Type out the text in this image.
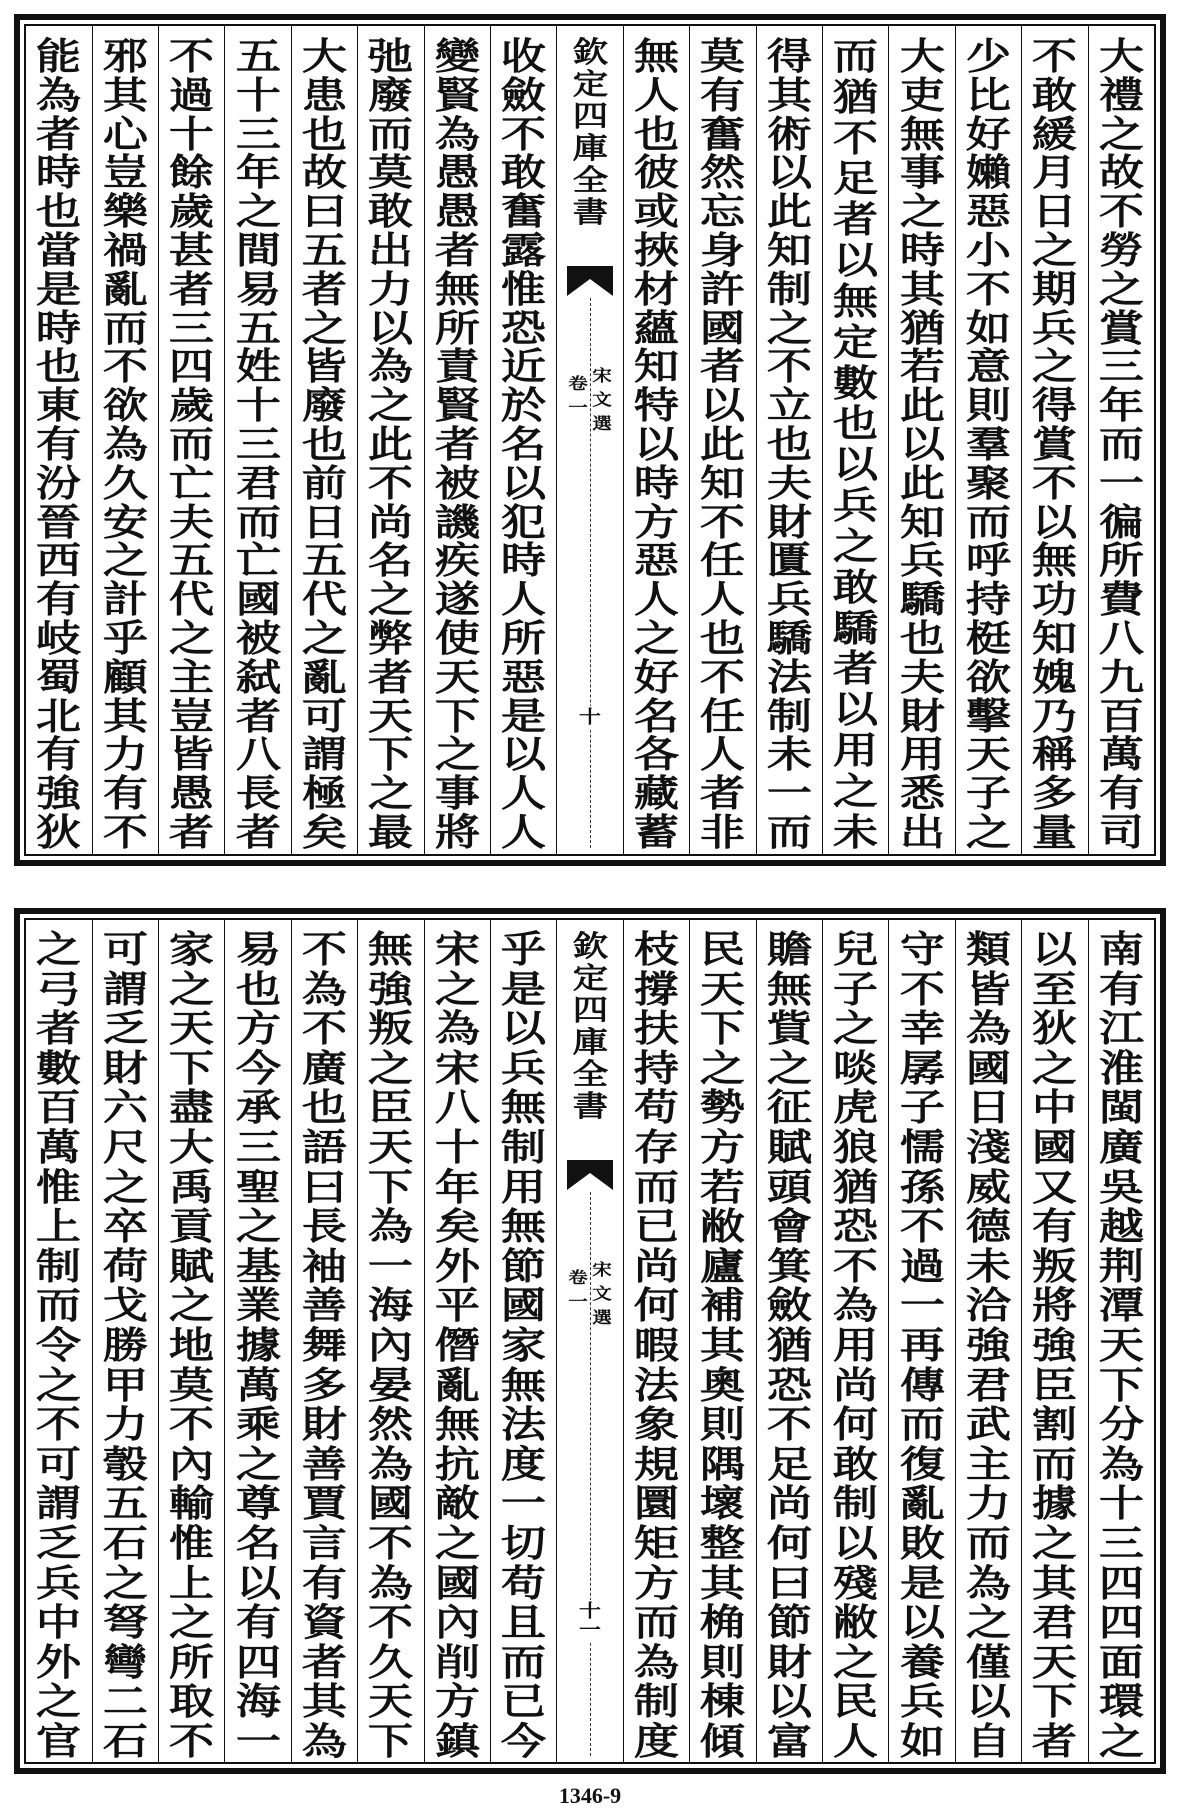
大
禮
之
故
不
勞
之
賞
三
年
而
一
徧
所
費
八
九
百
萬
有
司
不
敢
緩
月
日
之
期
兵
之
得
賞
不
以
無
功
知
媿
乃
稱
多
量
少
比
好
嬾
惡
小
不
如
意
則
羣
聚
而
呼
持
梃
欲
擊
天
子
之
大
吏
無
事
之
時
其
猶
若
此
以
此
知
兵
驕
也
夫
財
用
悉
出
而
猶
不
足
者
以
無
定
數
也
以
兵
之
敢
驕
者
以
用
之
未
得
其
術
以
此
知
制
之
不
立
也
夫
財
匱
兵
驕
法
制
未
一
而
莫
有
奮
然
忘
身
許
國
者
以
此
知
不
任
人
也
不
任
人
者
非
無
人
也
彼
或
挾
材
蘊
知
特
以
時
方
惡
人
之
好
名
各
藏
蓄
欽
定
四
庫
全
書
宋
文
選
卷
一
十
收
斂
不
敢
奮
露
惟
恐
近
於
名
以
犯
時
人
所
惡
是
以
人
人
變
賢
為
愚
愚
者
無
所
責
賢
者
被
譏
疾
遂
使
天
下
之
事
將
弛
廢
而
莫
敢
出
力
以
為
之
此
不
尚
名
之
弊
者
天
下
之
最
大
患
也
故
曰
五
者
之
皆
廢
也
前
日
五
代
之
亂
可
謂
極
矣
五
十
三
年
之
間
易
五
姓
十
三
君
而
亡
國
被
弑
者
八
長
者
不
過
十
餘
歲
甚
者
三
四
歲
而
亡
夫
五
代
之
主
豈
皆
愚
者
邪
其
心
豈
樂
禍
亂
而
不
欲
為
久
安
之
計
乎
顧
其
力
有
不
能
為
者
時
也
當
是
時
也
東
有
汾
晉
西
有
岐
蜀
北
有
強
狄
南
有
江
淮
閩
廣
吳
越
荆
潭
天
下
分
為
十
三
四
四
面
環
之
以
至
狄
之
中
國
又
有
叛
將
強
臣
割
而
據
之
其
君
天
下
者
類
皆
為
國
日
淺
威
德
未
洽
強
君
武
主
力
而
為
之
僅
以
自
守
不
幸
孱
子
懦
孫
不
過
一
再
傳
而
復
亂
敗
是
以
養
兵
如
兒
子
之
啖
虎
狼
猶
恐
不
為
用
尚
何
敢
制
以
殘
敝
之
民
人
贍
無
貲
之
征
賦
頭
會
箕
斂
猶
恐
不
足
尚
何
曰
節
財
以
富
民
天
下
之
勢
方
若
敝
廬
補
其
奧
則
隅
壞
整
其
桷
則
棟
傾
枝
撐
扶
持
苟
存
而
已
尚
何
暇
法
象
規
圜
矩
方
而
為
制
度
欽
定
四
庫
全
書
宋
文
選
卷
一
十
一
乎
是
以
兵
無
制
用
無
節
國
家
無
法
度
一
切
苟
且
而
已
今
宋
之
為
宋
八
十
年
矣
外
平
僭
亂
無
抗
敵
之
國
內
削
方
鎮
無
強
叛
之
臣
天
下
為
一
海
內
晏
然
為
國
不
為
不
久
天
下
不
為
不
廣
也
語
曰
長
袖
善
舞
多
財
善
賈
言
有
資
者
其
為
易
也
方
今
承
三
聖
之
基
業
據
萬
乘
之
尊
名
以
有
四
海
一
家
之
天
下
盡
大
禹
貢
賦
之
地
莫
不
內
輸
惟
上
之
所
取
不
可
謂
乏
財
六
尺
之
卒
荷
戈
勝
甲
力
彀
五
石
之
弩
彎
二
石
之
弓
者
數
百
萬
惟
上
制
而
令
之
不
可
謂
乏
兵
中
外
之
官
1346-9
